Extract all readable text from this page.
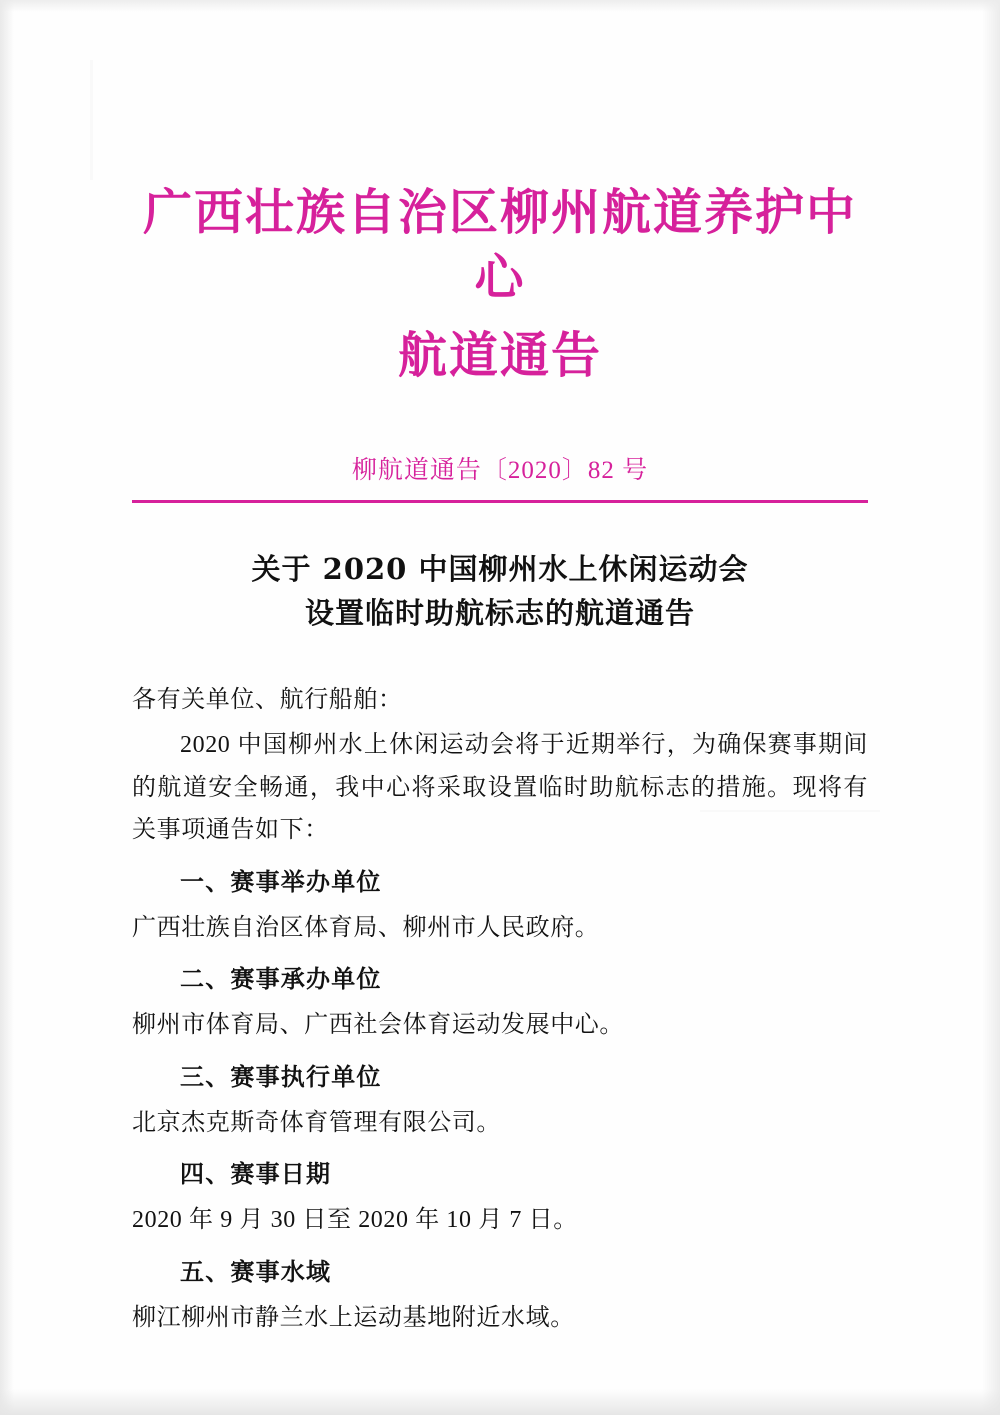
广西壮族自治区柳州航道养护中心
航道通告
柳航道通告〔2020〕82 号
关于 2020 中国柳州水上休闲运动会
设置临时助航标志的航道通告
各有关单位、航行船舶：
2020 中国柳州水上休闲运动会将于近期举行，为确保赛事期间的航道安全畅通，我中心将采取设置临时助航标志的措施。现将有关事项通告如下：
一、赛事举办单位
广西壮族自治区体育局、柳州市人民政府。
二、赛事承办单位
柳州市体育局、广西社会体育运动发展中心。
三、赛事执行单位
北京杰克斯奇体育管理有限公司。
四、赛事日期
2020 年 9 月 30 日至 2020 年 10 月 7 日。
五、赛事水域
柳江柳州市静兰水上运动基地附近水域。
